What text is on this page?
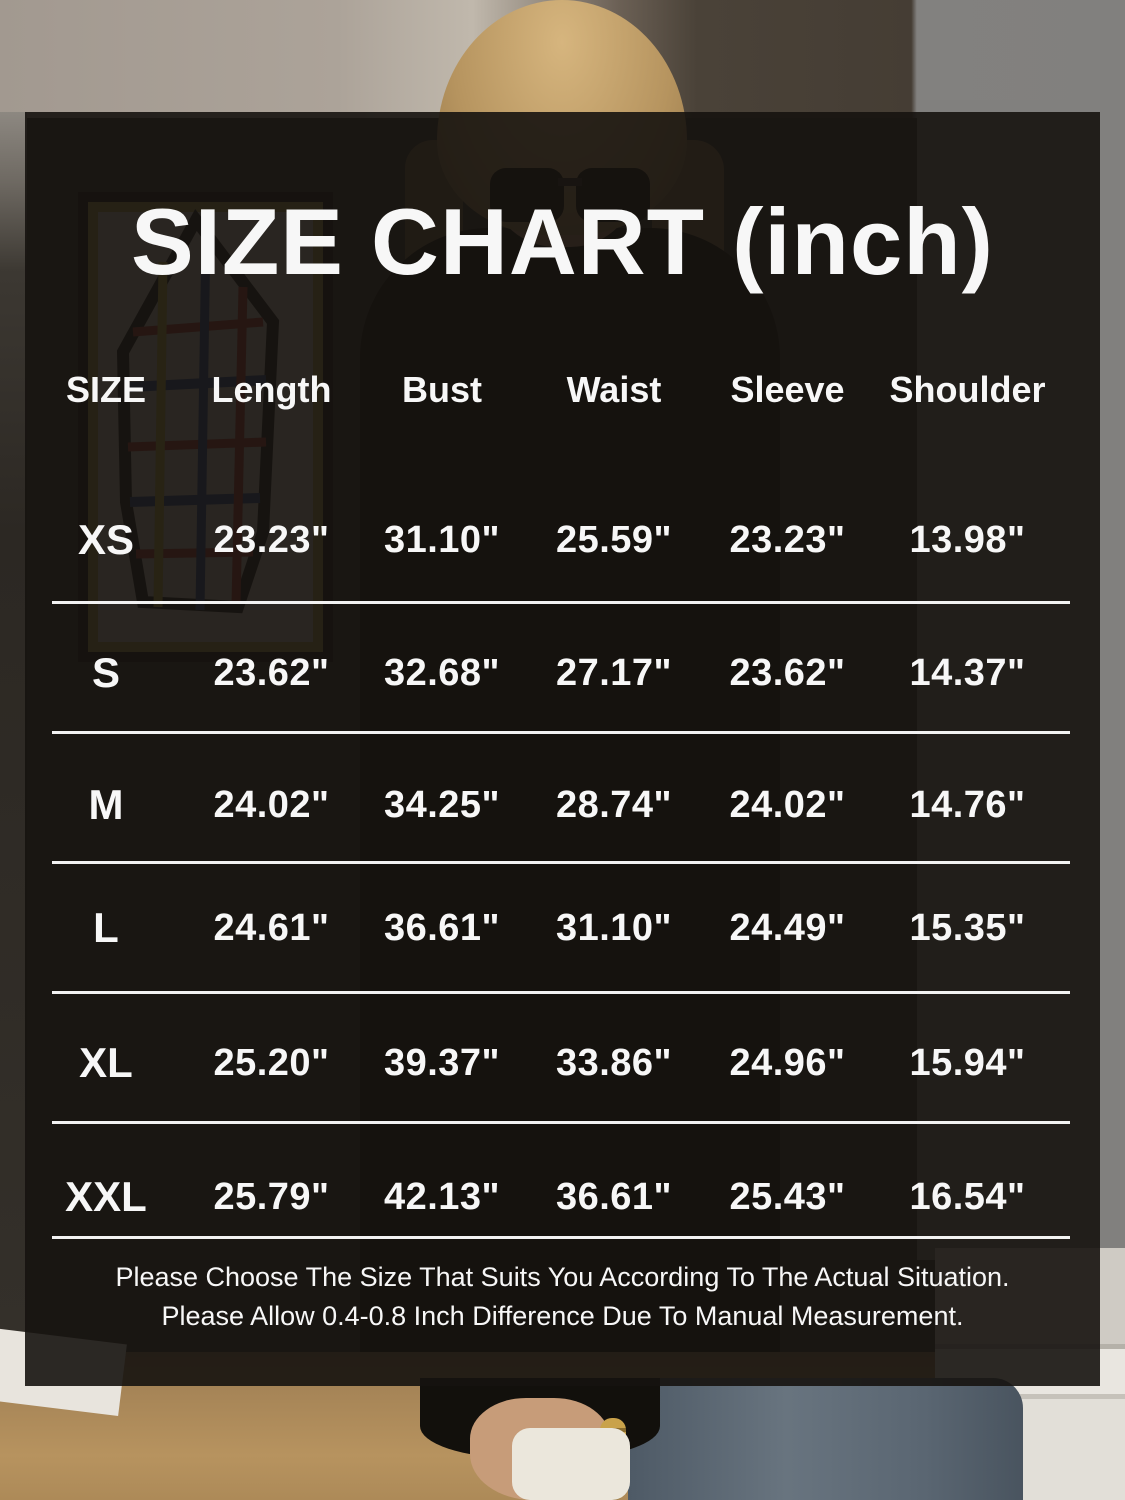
SIZE CHART (inch)
SIZE	Length	Bust	Waist	Sleeve	Shoulder
XS	23.23"	31.10"	25.59"	23.23"	13.98"
S	23.62"	32.68"	27.17"	23.62"	14.37"
M	24.02"	34.25"	28.74"	24.02"	14.76"
L	24.61"	36.61"	31.10"	24.49"	15.35"
XL	25.20"	39.37"	33.86"	24.96"	15.94"
XXL	25.79"	42.13"	36.61"	25.43"	16.54"
Please Choose The Size That Suits You According To The Actual Situation.
Please Allow 0.4-0.8 Inch Difference Due To Manual Measurement.
